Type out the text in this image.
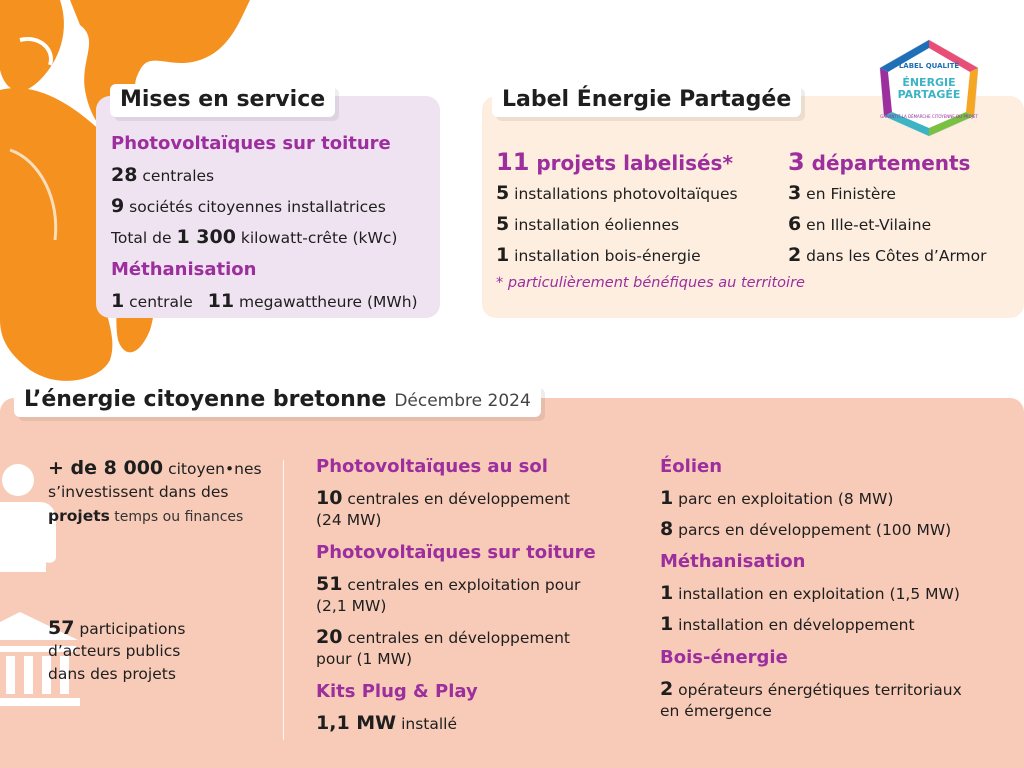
Mises en service
Photovoltaïques sur toiture
28 centrales
9 sociétés citoyennes installatrices
Total de 1 300 kilowatt-crête (kWc)
Méthanisation
1 centrale 11 megawattheure (MWh)
Label Énergie Partagée
LABEL QUALITÉ
ÉNERGIE
PARTAGÉE
GARANTIT LA DÉMARCHE CITOYENNE DU PROJET
11 projets labelisés*
5 installations photovoltaïques
5 installation éoliennes
1 installation bois-énergie
3 départements
3 en Finistère
6 en Ille-et-Vilaine
2 dans les Côtes d’Armor
* particulièrement bénéfiques au territoire
L’énergie citoyenne bretonne Décembre 2024
+ de 8 000 citoyen•nes
s’investissent dans des
projets temps ou finances
57 participations
d’acteurs publics
dans des projets
Photovoltaïques au sol
10 centrales en développement
(24 MW)
Photovoltaïques sur toiture
51 centrales en exploitation pour
(2,1 MW)
20 centrales en développement
pour (1 MW)
Kits Plug & Play
1,1 MW installé
Éolien
1 parc en exploitation (8 MW)
8 parcs en développement (100 MW)
Méthanisation
1 installation en exploitation (1,5 MW)
1 installation en développement
Bois-énergie
2 opérateurs énergétiques territoriaux
en émergence
